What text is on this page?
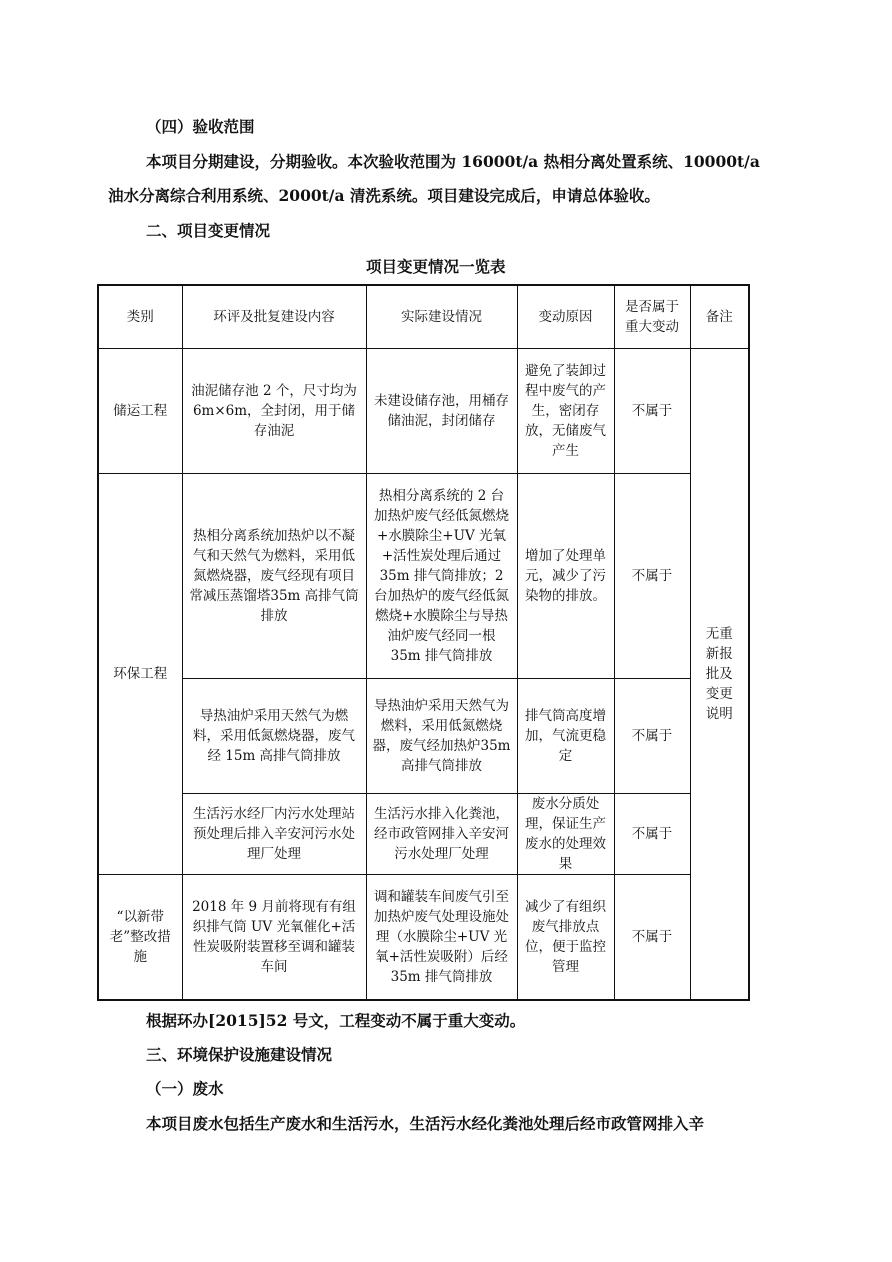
（四）验收范围
本项目分期建设，分期验收。本次验收范围为 16000t/a 热相分离处置系统、10000t/a
油水分离综合利用系统、2000t/a 清洗系统。项目建设完成后，申请总体验收。
二、项目变更情况
项目变更情况一览表
类别	环评及批复建设内容	实际建设情况	变动原因	是否属于重大变动	备注
储运工程	油泥储存池 2 个，尺寸均为 6m×6m，全封闭，用于储存油泥	未建设储存池，用桶存储油泥，封闭储存	避免了装卸过程中废气的产生，密闭存放，无储废气产生	不属于	无重新报批及变更说明
环保工程	热相分离系统加热炉以不凝气和天然气为燃料，采用低氮燃烧器，废气经现有项目常减压蒸馏塔35m 高排气筒排放	热相分离系统的 2 台加热炉废气经低氮燃烧+水膜除尘+UV 光氧+活性炭处理后通过 35m 排气筒排放；2 台加热炉的废气经低氮燃烧+水膜除尘与导热油炉废气经同一根 35m 排气筒排放	增加了处理单元，减少了污染物的排放。	不属于	
	导热油炉采用天然气为燃料，采用低氮燃烧器，废气经 15m 高排气筒排放	导热油炉采用天然气为燃料，采用低氮燃烧器，废气经加热炉35m高排气筒排放	排气筒高度增加，气流更稳定	不属于	
	生活污水经厂内污水处理站预处理后排入辛安河污水处理厂处理	生活污水排入化粪池，经市政管网排入辛安河污水处理厂处理	废水分质处理，保证生产废水的处理效果	不属于	
“以新带老”整改措施	2018 年 9 月前将现有有组织排气筒 UV 光氧催化+活性炭吸附装置移至调和罐装车间	调和罐装车间废气引至加热炉废气处理设施处理（水膜除尘+UV 光氧+活性炭吸附）后经 35m 排气筒排放	减少了有组织废气排放点位，便于监控管理	不属于	
根据环办[2015]52 号文，工程变动不属于重大变动。
三、环境保护设施建设情况
（一）废水
本项目废水包括生产废水和生活污水，生活污水经化粪池处理后经市政管网排入辛
